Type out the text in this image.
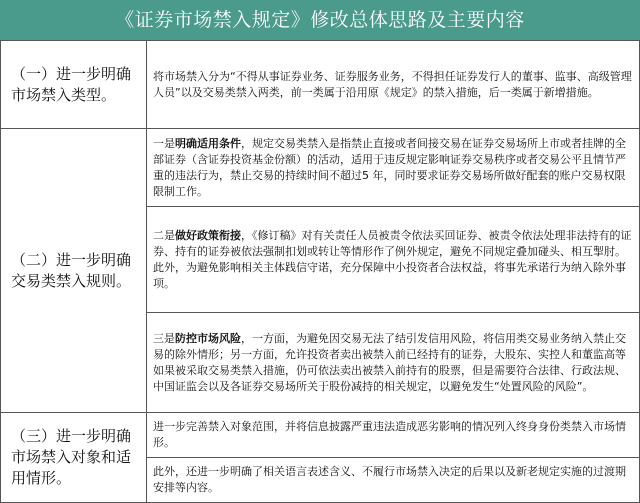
《证券市场禁入规定》修改总体思路及主要内容
（一）进一步明确市场禁入类型。	将市场禁入分为“不得从事证券业务、证券服务业务，不得担任证券发行人的董事、监事、高级管理人员”以及交易类禁入两类，前一类属于沿用原《规定》的禁入措施，后一类属于新增措施。

（二）进一步明确交易类禁入规则。	一是明确适用条件，规定交易类禁入是指禁止直接或者间接交易在证券交易场所上市或者挂牌的全部证券（含证券投资基金份额）的活动，适用于违反规定影响证券交易秩序或者交易公平且情节严重的违法行为，禁止交易的持续时间不超过5 年，同时要求证券交易场所做好配套的账户交易权限限制工作。
二是做好政策衔接，《修订稿》对有关责任人员被责令依法买回证券、被责令依法处理非法持有的证券、持有的证券被依法强制扣划或转让等情形作了例外规定，避免不同规定叠加碰头、相互掣肘。
此外，为避免影响相关主体践信守诺，充分保障中小投资者合法权益，将事先承诺行为纳入除外事项。
三是防控市场风险，一方面，为避免因交易无法了结引发信用风险，将信用类交易业务纳入禁止交易的除外情形；另一方面，允许投资者卖出被禁入前已经持有的证券，大股东、实控人和董监高等如果被采取交易类禁入措施，仍可依法卖出被禁入前持有的股票，但是需要符合法律、行政法规、中国证监会以及各证券交易场所关于股份减持的相关规定，以避免发生“处置风险的风险”。

（三）进一步明确市场禁入对象和适用情形。	进一步完善禁入对象范围，并将信息披露严重违法造成恶劣影响的情况列入终身身份类禁入市场情形。
此外，还进一步明确了相关语言表述含义、不履行市场禁入决定的后果以及新老规定实施的过渡期安排等内容。
